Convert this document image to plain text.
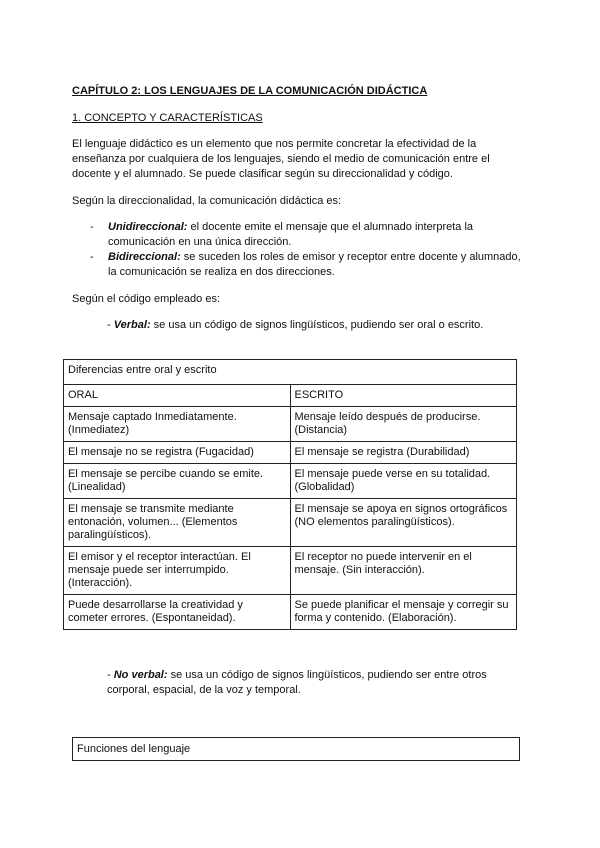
CAPÍTULO 2: LOS LENGUAJES DE LA COMUNICACIÓN DIDÁCTICA
1. CONCEPTO Y CARACTERÍSTICAS

El lenguaje didáctico es un elemento que nos permite concretar la efectividad de la enseñanza por cualquiera de los lenguajes, siendo el medio de comunicación entre el docente y el alumnado. Se puede clasificar según su direccionalidad y código.

Según la direccionalidad, la comunicación didáctica es:

- Unidireccional: el docente emite el mensaje que el alumnado interpreta la comunicación en una única dirección.
- Bidireccional: se suceden los roles de emisor y receptor entre docente y alumnado, la comunicación se realiza en dos direcciones.

Según el código empleado es:

- Verbal: se usa un código de signos lingüísticos, pudiendo ser oral o escrito.

Diferencias entre oral y escrito	
ORAL	ESCRITO
Mensaje captado Inmediatamente. (Inmediatez)	Mensaje leído después de producirse. (Distancia)
El mensaje no se registra (Fugacidad)	El mensaje se registra (Durabilidad)
El mensaje se percibe cuando se emite. (Linealidad)	El mensaje puede verse en su totalidad. (Globalidad)
El mensaje se transmite mediante entonación, volumen... (Elementos paralingüísticos).	El mensaje se apoya en signos ortográficos (NO elementos paralingüísticos).
El emisor y el receptor interactúan. El mensaje puede ser interrumpido. (Interacción).	El receptor no puede intervenir en el mensaje. (Sin interacción).
Puede desarrollarse la creatividad y cometer errores. (Espontaneidad).	Se puede planificar el mensaje y corregir su forma y contenido. (Elaboración).

- No verbal: se usa un código de signos lingüísticos, pudiendo ser entre otros corporal, espacial, de la voz y temporal.

Funciones del lenguaje
